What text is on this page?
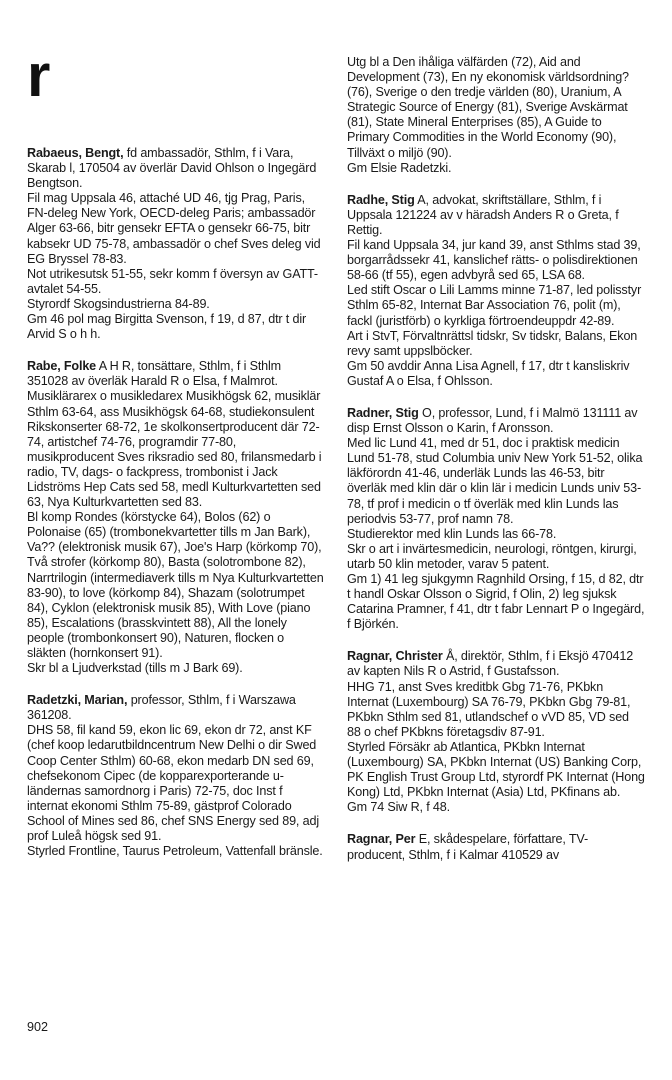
r

Rabaeus, Bengt, fd ambassadör, Sthlm, f i Vara, Skarab l, 170504 av överlär David Ohlson o Ingegärd Bengtson.

Fil mag Uppsala 46, attaché UD 46, tjg Prag, Paris, FN-deleg New York, OECD-deleg Paris; ambassadör Alger 63-66, bitr gensekr EFTA o gensekr 66-75, bitr kabsekr UD 75-78, ambassadör o chef Sves deleg vid EG Bryssel 78-83.

Not utrikesutsk 51-55, sekr komm f översyn av GATT-avtalet 54-55.

Styrordf Skogsindustrierna 84-89.

Gm 46 pol mag Birgitta Svenson, f 19, d 87, dtr t dir Arvid S o h h.

Rabe, Folke A H R, tonsättare, Sthlm, f i Sthlm 351028 av överläk Harald R o Elsa, f Malmrot.

Musiklärarex o musikledarex Musikhögsk 62, musiklär Sthlm 63-64, ass Musikhögsk 64-68, studiekonsulent Rikskonserter 68-72, 1e skolkonsertproducent där 72-74, artistchef 74-76, programdir 77-80, musikproducent Sves riksradio sed 80, frilansmedarb i radio, TV, dags- o fackpress, trombonist i Jack Lidströms Hep Cats sed 58, medl Kulturkvartetten sed 63, Nya Kulturkvartetten sed 83.

Bl komp Rondes (körstycke 64), Bolos (62) o Polonaise (65) (trombonekvartetter tills m Jan Bark), Va?? (elektronisk musik 67), Joe's Harp (körkomp 70), Två strofer (körkomp 80), Basta (solotrombone 82), Narrtrilogin (intermediaverk tills m Nya Kulturkvartetten 83-90), to love (körkomp 84), Shazam (solotrumpet 84), Cyklon (elektronisk musik 85), With Love (piano 85), Escalations (brasskvintett 88), All the lonely people (trombonkonsert 90), Naturen, flocken o släkten (hornkonsert 91).

Skr bl a Ljudverkstad (tills m J Bark 69).

Radetzki, Marian, professor, Sthlm, f i Warszawa 361208.

DHS 58, fil kand 59, ekon lic 69, ekon dr 72, anst KF (chef koop ledarutbildncentrum New Delhi o dir Swed Coop Center Sthlm) 60-68, ekon medarb DN sed 69, chefsekonom Cipec (de kopparexporterande u-ländernas samordnorg i Paris) 72-75, doc Inst f internat ekonomi Sthlm 75-89, gästprof Colorado School of Mines sed 86, chef SNS Energy sed 89, adj prof Luleå högsk sed 91.

Styrled Frontline, Taurus Petroleum, Vattenfall bränsle.

Utg bl a Den ihåliga välfärden (72), Aid and Development (73), En ny ekonomisk världsordning? (76), Sverige o den tredje världen (80), Uranium, A Strategic Source of Energy (81), Sverige Avskärmat (81), State Mineral Enterprises (85), A Guide to Primary Commodities in the World Economy (90), Tillväxt o miljö (90).

Gm Elsie Radetzki.

Radhe, Stig A, advokat, skriftställare, Sthlm, f i Uppsala 121224 av v häradsh Anders R o Greta, f Rettig.

Fil kand Uppsala 34, jur kand 39, anst Sthlms stad 39, borgarrådssekr 41, kanslichef rätts- o polisdirektionen 58-66 (tf 55), egen advbyrå sed 65, LSA 68.

Led stift Oscar o Lili Lamms minne 71-87, led polisstyr Sthlm 65-82, Internat Bar Association 76, polit (m), fackl (juristförb) o kyrkliga förtroendeuppdr 42-89.

Art i StvT, Förvaltnrättsl tidskr, Sv tidskr, Balans, Ekon revy samt uppslböcker.

Gm 50 avddir Anna Lisa Agnell, f 17, dtr t kansliskriv Gustaf A o Elsa, f Ohlsson.

Radner, Stig O, professor, Lund, f i Malmö 131111 av disp Ernst Olsson o Karin, f Aronsson.

Med lic Lund 41, med dr 51, doc i praktisk medicin Lund 51-78, stud Columbia univ New York 51-52, olika läkförordn 41-46, underläk Lunds las 46-53, bitr överläk med klin där o klin lär i medicin Lunds univ 53-78, tf prof i medicin o tf överläk med klin Lunds las periodvis 53-77, prof namn 78.

Studierektor med klin Lunds las 66-78.

Skr o art i invärtesmedicin, neurologi, röntgen, kirurgi, utarb 50 klin metoder, varav 5 patent.

Gm 1) 41 leg sjukgymn Ragnhild Orsing, f 15, d 82, dtr t handl Oskar Olsson o Sigrid, f Olin, 2) leg sjuksk Catarina Pramner, f 41, dtr t fabr Lennart P o Ingegärd, f Björkén.

Ragnar, Christer Å, direktör, Sthlm, f i Eksjö 470412 av kapten Nils R o Astrid, f Gustafsson.

HHG 71, anst Sves kreditbk Gbg 71-76, PKbkn Internat (Luxembourg) SA 76-79, PKbkn Gbg 79-81, PKbkn Sthlm sed 81, utlandschef o vVD 85, VD sed 88 o chef PKbkns företagsdiv 87-91.

Styrled Försäkr ab Atlantica, PKbkn Internat (Luxembourg) SA, PKbkn Internat (US) Banking Corp, PK English Trust Group Ltd, styrordf PK Internat (Hong Kong) Ltd, PKbkn Internat (Asia) Ltd, PKfinans ab.

Gm 74 Siw R, f 48.

Ragnar, Per E, skådespelare, författare, TV-producent, Sthlm, f i Kalmar 410529 av

902
